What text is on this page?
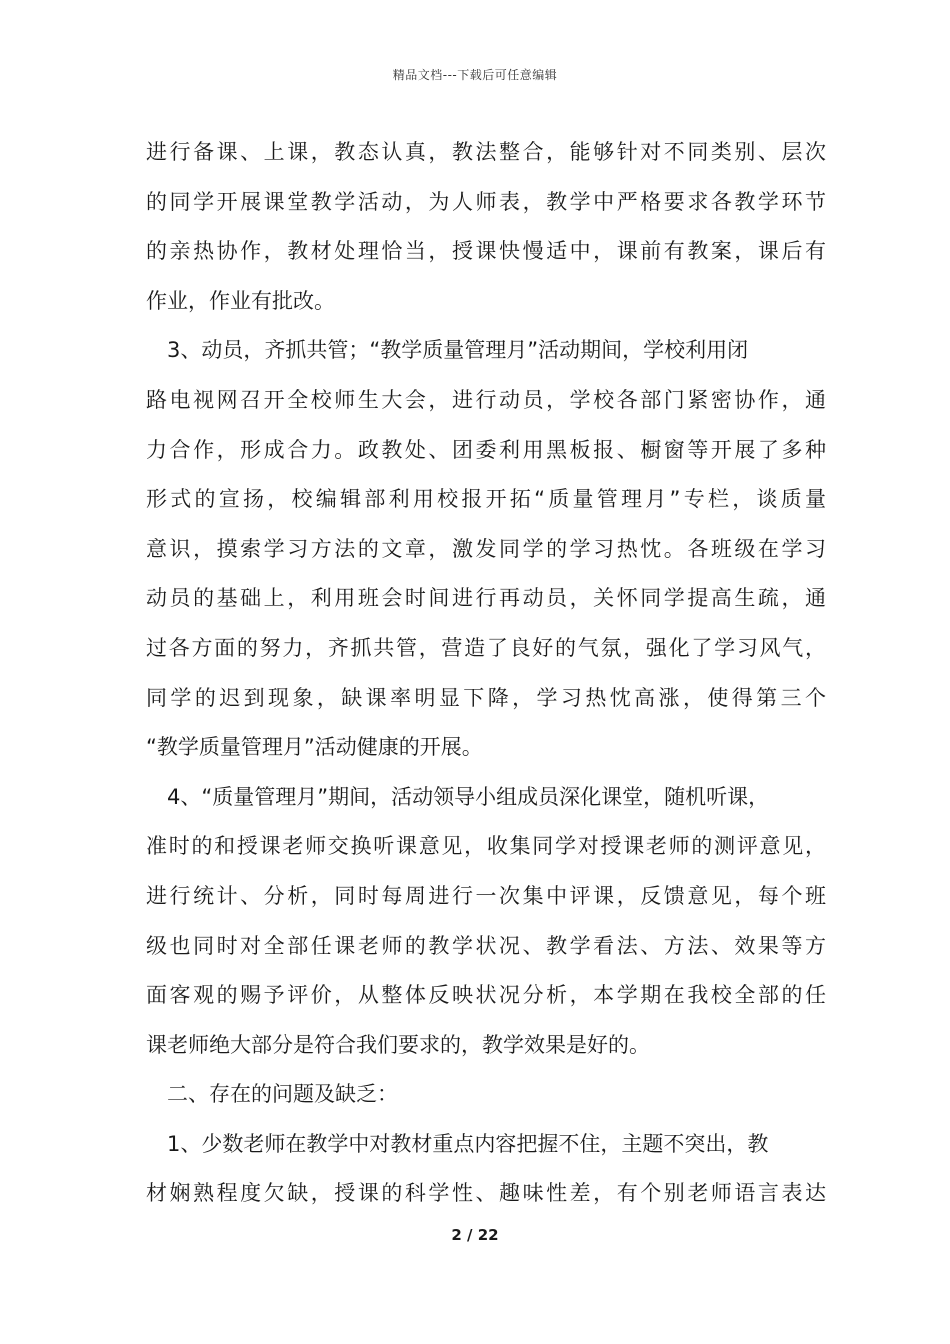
精品文档---下载后可任意编辑
进行备课、上课，教态认真，教法整合，能够针对不同类别、层次
的同学开展课堂教学活动，为人师表，教学中严格要求各教学环节
的亲热协作，教材处理恰当，授课快慢适中，课前有教案，课后有
作业，作业有批改。
3、动员，齐抓共管；“教学质量管理月”活动期间，学校利用闭
路电视网召开全校师生大会，进行动员，学校各部门紧密协作，通
力合作，形成合力。政教处、团委利用黑板报、橱窗等开展了多种
形式的宣扬，校编辑部利用校报开拓“质量管理月”专栏，谈质量
意识，摸索学习方法的文章，激发同学的学习热忱。各班级在学习
动员的基础上，利用班会时间进行再动员，关怀同学提高生疏，通
过各方面的努力，齐抓共管，营造了良好的气氛，强化了学习风气，
同学的迟到现象，缺课率明显下降，学习热忱高涨，使得第三个
“教学质量管理月”活动健康的开展。
4、“质量管理月”期间，活动领导小组成员深化课堂，随机听课，
准时的和授课老师交换听课意见，收集同学对授课老师的测评意见，
进行统计、分析，同时每周进行一次集中评课，反馈意见，每个班
级也同时对全部任课老师的教学状况、教学看法、方法、效果等方
面客观的赐予评价，从整体反映状况分析，本学期在我校全部的任
课老师绝大部分是符合我们要求的，教学效果是好的。
二、存在的问题及缺乏：
1、少数老师在教学中对教材重点内容把握不住，主题不突出，教
材娴熟程度欠缺，授课的科学性、趣味性差，有个别老师语言表达
2 / 22
